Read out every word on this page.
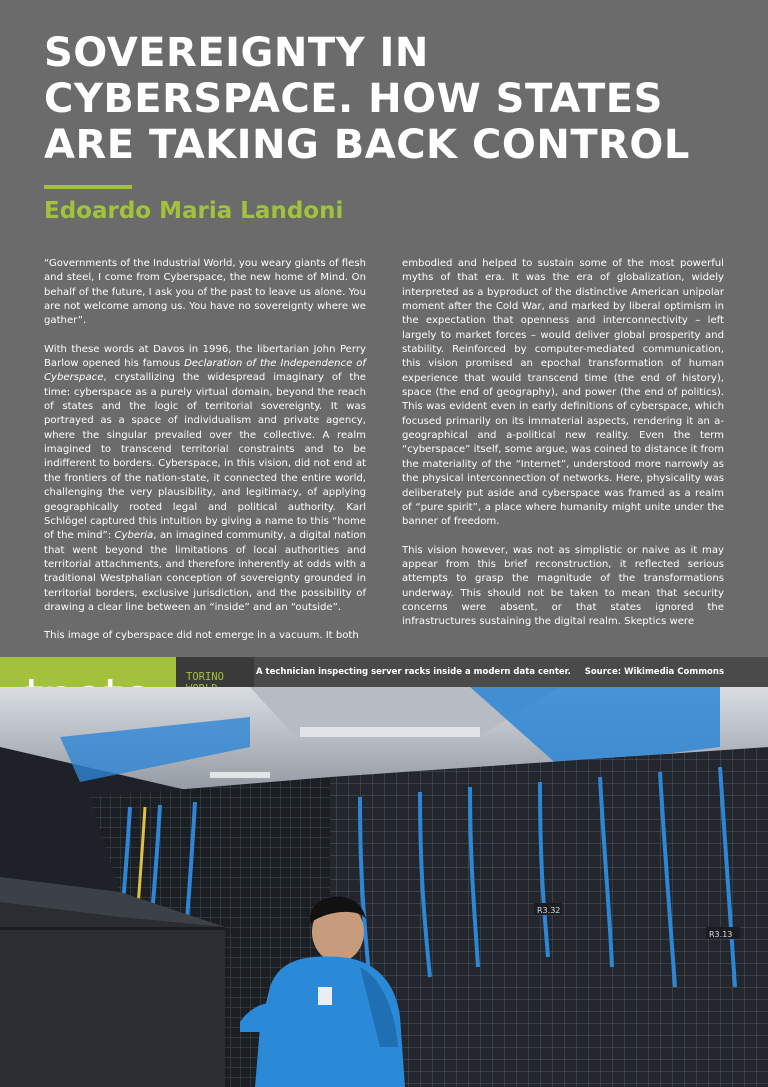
SOVEREIGNTY IN CYBERSPACE. HOW STATES ARE TAKING BACK CONTROL
Edoardo Maria Landoni

“Governments of the Industrial World, you weary giants of flesh and steel, I come from Cyberspace, the new home of Mind. On behalf of the future, I ask you of the past to leave us alone. You are not welcome among us. You have no sovereignty where we gather”.

With these words at Davos in 1996, the libertarian John Perry Barlow opened his famous Declaration of the Independence of Cyberspace, crystallizing the widespread imaginary of the time: cyberspace as a purely virtual domain, beyond the reach of states and the logic of territorial sovereignty. It was portrayed as a space of individualism and private agency, where the singular prevailed over the collective. A realm imagined to transcend territorial constraints and to be indifferent to borders. Cyberspace, in this vision, did not end at the frontiers of the nation-state, it connected the entire world, challenging the very plausibility, and legitimacy, of applying geographically rooted legal and political authority. Karl Schlögel captured this intuition by giving a name to this “home of the mind”: Cyberia, an imagined community, a digital nation that went beyond the limitations of local authorities and territorial attachments, and therefore inherently at odds with a traditional Westphalian conception of sovereignty grounded in territorial borders, exclusive jurisdiction, and the possibility of drawing a clear line between an “inside” and an “outside”.

This image of cyberspace did not emerge in a vacuum. It both

embodied and helped to sustain some of the most powerful myths of that era. It was the era of globalization, widely interpreted as a byproduct of the distinctive American unipolar moment after the Cold War, and marked by liberal optimism in the expectation that openness and interconnectivity – left largely to market forces – would deliver global prosperity and stability. Reinforced by computer-mediated communication, this vision promised an epochal transformation of human experience that would transcend time (the end of history), space (the end of geography), and power (the end of politics). This was evident even in early definitions of cyberspace, which focused primarily on its immaterial aspects, rendering it an a-geographical and a-political new reality. Even the term “cyberspace” itself, some argue, was coined to distance it from the materiality of the “Internet”, understood more narrowly as the physical interconnection of networks. Here, physicality was deliberately put aside and cyberspace was framed as a realm of “pure spirit”, a place where humanity might unite under the banner of freedom.

This vision however, was not as simplistic or naive as it may appear from this brief reconstruction, it reflected serious attempts to grasp the magnitude of the transformations underway. This should not be taken to mean that security concerns were absent, or that states ignored the infrastructures sustaining the digital realm. Skeptics were

TORINO	A technician inspecting server racks inside a modern data center. Source: Wikimedia Commons
R3.32
R3.13
